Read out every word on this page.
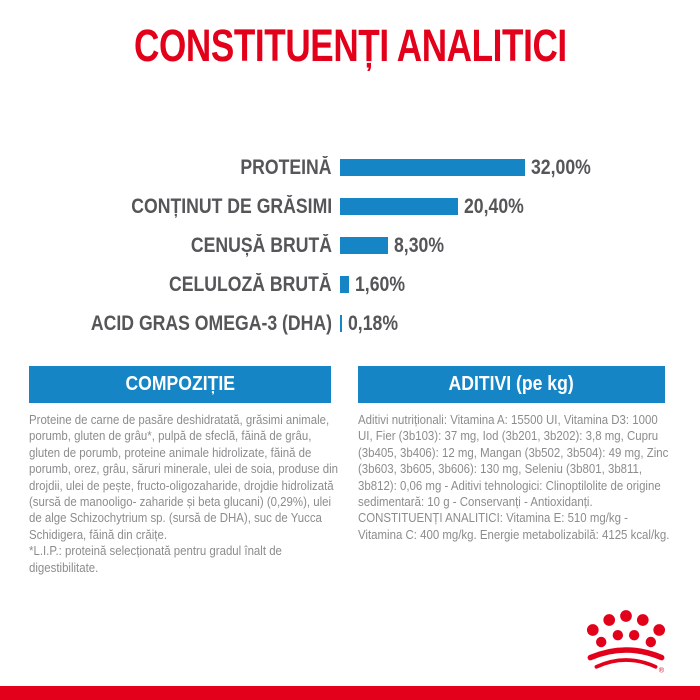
CONSTITUENȚI ANALITICI
PROTEINĂ	32,00%
CONȚINUT DE GRĂSIMI	20,40%
CENUȘĂ BRUTĂ	8,30%
CELULOZĂ BRUTĂ	1,60%
ACID GRAS OMEGA-3 (DHA) 0,18%
COMPOZIȚIE	ADITIVI (pe kg)

Proteine de carne de pasăre deshidratată, grăsimi animale, porumb, gluten de grâu*, pulpă de sfeclă, făină de grâu, gluten de porumb, proteine animale hidrolizate, făină de porumb, orez, grâu, săruri minerale, ulei de soia, produse din drojdii, ulei de pește, fructo-oligozaharide, drojdie hidrolizată (sursă de manooligo- zaharide și beta glucani) (0,29%), ulei de alge Schizochytrium sp. (sursă de DHA), suc de Yucca Schidigera, făină din crăițe.

*L.I.P.: proteină selecționată pentru gradul înalt de digestibilitate.

Aditivi nutriționali: Vitamina A: 15500 UI, Vitamina D3: 1000 UI, Fier (3b103): 37 mg, Iod (3b201, 3b202): 3,8 mg, Cupru (3b405, 3b406): 12 mg, Mangan (3b502, 3b504): 49 mg, Zinc (3b603, 3b605, 3b606): 130 mg, Seleniu (3b801, 3b811, 3b812): 0,06 mg - Aditivi tehnologici: Clinoptilolite de origine sedimentară: 10 g - Conservanți - Antioxidanți.

CONSTITUENȚI ANALITICI: Vitamina E: 510 mg/kg - Vitamina C: 400 mg/kg. Energie metabolizabilă: 4125 kcal/kg.

®
